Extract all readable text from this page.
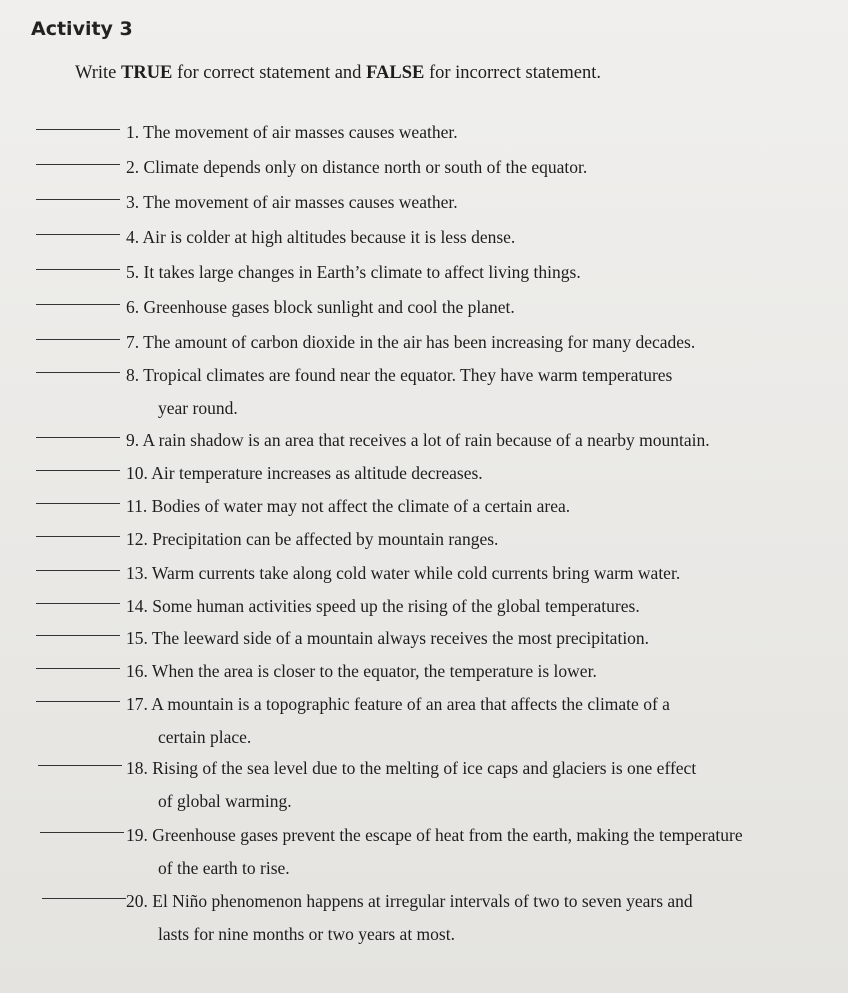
Activity 3

Write TRUE for correct statement and FALSE for incorrect statement.

1. The movement of air masses causes weather.
2. Climate depends only on distance north or south of the equator.
3. The movement of air masses causes weather.
4. Air is colder at high altitudes because it is less dense.
5. It takes large changes in Earth’s climate to affect living things.
6. Greenhouse gases block sunlight and cool the planet.
7. The amount of carbon dioxide in the air has been increasing for many decades.
8. Tropical climates are found near the equator. They have warm temperatures
year round.
9. A rain shadow is an area that receives a lot of rain because of a nearby mountain.
10. Air temperature increases as altitude decreases.
11. Bodies of water may not affect the climate of a certain area.
12. Precipitation can be affected by mountain ranges.
13. Warm currents take along cold water while cold currents bring warm water.
14. Some human activities speed up the rising of the global temperatures.
15. The leeward side of a mountain always receives the most precipitation.
16. When the area is closer to the equator, the temperature is lower.
17. A mountain is a topographic feature of an area that affects the climate of a
certain place.
18. Rising of the sea level due to the melting of ice caps and glaciers is one effect
of global warming.
19. Greenhouse gases prevent the escape of heat from the earth, making the temperature
of the earth to rise.
20. El Niño phenomenon happens at irregular intervals of two to seven years and
lasts for nine months or two years at most.
